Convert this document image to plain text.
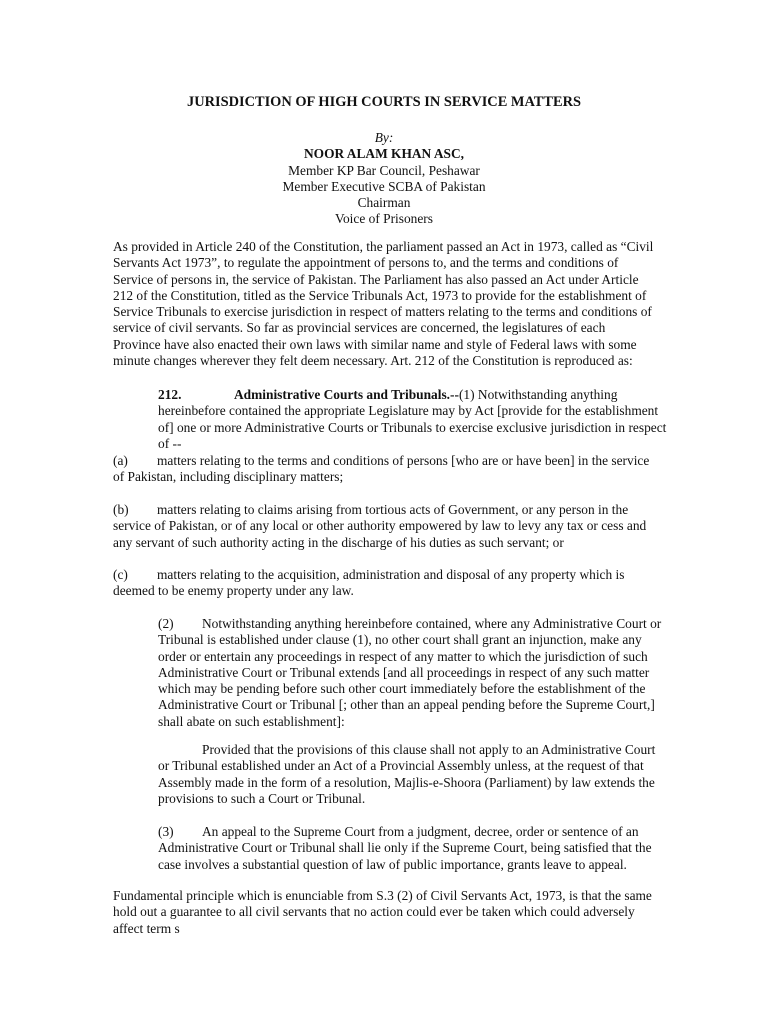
JURISDICTION OF HIGH COURTS IN SERVICE MATTERS
By:
NOOR ALAM KHAN ASC,
Member KP Bar Council, Peshawar
Member Executive SCBA of Pakistan
Chairman
Voice of Prisoners

As provided in Article 240 of the Constitution, the parliament passed an Act in 1973, called as “Civil Servants Act 1973”, to regulate the appointment of persons to, and the terms and conditions of Service of persons in, the service of Pakistan. The Parliament has also passed an Act under Article 212 of the Constitution, titled as the Service Tribunals Act, 1973 to provide for the establishment of Service Tribunals to exercise jurisdiction in respect of matters relating to the terms and conditions of service of civil servants. So far as provincial services are concerned, the legislatures of each Province have also enacted their own laws with similar name and style of Federal laws with some minute changes wherever they felt deem necessary. Art. 212 of the Constitution is reproduced as:

212.	Administrative Courts and Tribunals.--(1) Notwithstanding anything hereinbefore contained the appropriate Legislature may by Act [provide for the establishment of] one or more Administrative Courts or Tribunals to exercise exclusive jurisdiction in respect of --

(a) matters relating to the terms and conditions of persons [who are or have been] in the service of Pakistan, including disciplinary matters;

(b) matters relating to claims arising from tortious acts of Government, or any person in the service of Pakistan, or of any local or other authority empowered by law to levy any tax or cess and any servant of such authority acting in the discharge of his duties as such servant; or

(c) matters relating to the acquisition, administration and disposal of any property which is deemed to be enemy property under any law.

(2) Notwithstanding anything hereinbefore contained, where any Administrative Court or Tribunal is established under clause (1), no other court shall grant an injunction, make any order or entertain any proceedings in respect of any matter to which the jurisdiction of such Administrative Court or Tribunal extends [and all proceedings in respect of any such matter which may be pending before such other court immediately before the establishment of the Administrative Court or Tribunal [; other than an appeal pending before the Supreme Court,] shall abate on such establishment]:

Provided that the provisions of this clause shall not apply to an Administrative Court or Tribunal established under an Act of a Provincial Assembly unless, at the request of that Assembly made in the form of a resolution, Majlis-e-Shoora (Parliament) by law extends the provisions to such a Court or Tribunal.

(3) An appeal to the Supreme Court from a judgment, decree, order or sentence of an Administrative Court or Tribunal shall lie only if the Supreme Court, being satisfied that the case involves a substantial question of law of public importance, grants leave to appeal.

Fundamental principle which is enunciable from S.3 (2) of Civil Servants Act, 1973, is that the same hold out a guarantee to all civil servants that no action could ever be taken which could adversely affect term s
